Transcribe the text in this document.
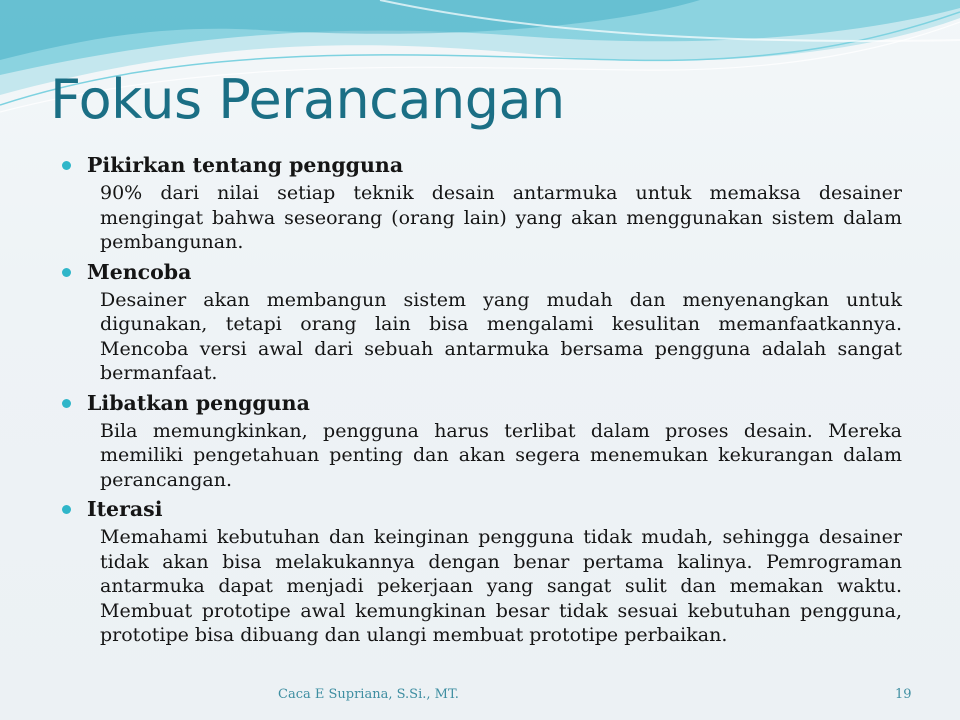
Fokus Perancangan
Pikirkan tentang pengguna

90% dari nilai setiap teknik desain antarmuka untuk memaksa desainer mengingat bahwa seseorang (orang lain) yang akan menggunakan sistem dalam pembangunan.

Mencoba

Desainer akan membangun sistem yang mudah dan menyenangkan untuk digunakan, tetapi orang lain bisa mengalami kesulitan memanfaatkannya. Mencoba versi awal dari sebuah antarmuka bersama pengguna adalah sangat bermanfaat.

Libatkan pengguna

Bila memungkinkan, pengguna harus terlibat dalam proses desain. Mereka memiliki pengetahuan penting dan akan segera menemukan kekurangan dalam perancangan.

Iterasi

Memahami kebutuhan dan keinginan pengguna tidak mudah, sehingga desainer tidak akan bisa melakukannya dengan benar pertama kalinya. Pemrograman antarmuka dapat menjadi pekerjaan yang sangat sulit dan memakan waktu. Membuat prototipe awal kemungkinan besar tidak sesuai kebutuhan pengguna, prototipe bisa dibuang dan ulangi membuat prototipe perbaikan.

Caca E Supriana, S.Si., MT.	19
